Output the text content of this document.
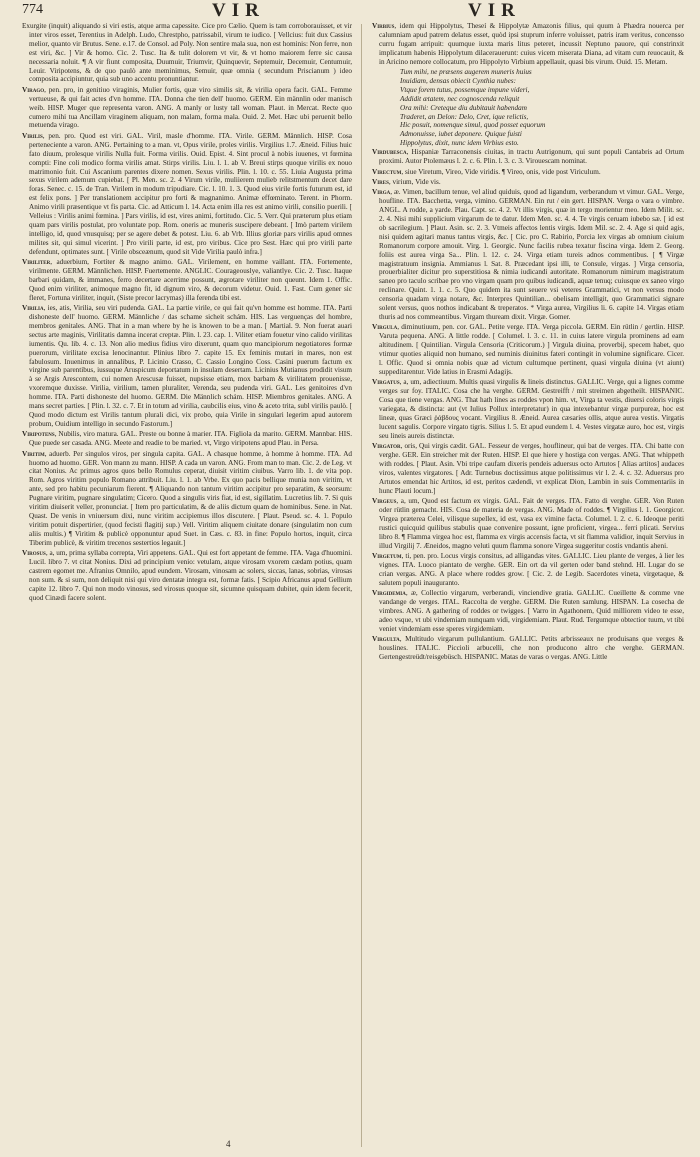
774	VIR	VIR

Exurgite (inquit) aliquando si viri estis, atque arma capessite. Cice pro Cælio. Quem is tam corroborauisset, et vir inter viros esset, Terentius in Adelph. Ludo, Chrestpho, patrissabil, virum te iudico. [ Vellcius: fuit dux Cassius melior, quanto vir Brutus. Sene. e.17. de Consol. ad Poly. Non sentire mala sua, non est hominis: Non ferre, non est viri, &c. ] Vir & homo. Cic. 2. Tusc. Ita & tulit dolorem vt vir, & vt homo maiorem ferre sic causa necessaria noluit. ¶ A vir fiunt composita, Duumuir, Triumvir, Quinquevir, Septemuir, Decemuir, Centumuir, Leuir. Viripotens, & de quo paulò ante meminimus, Semuir, quæ omnia ( secundum Priscianum ) ideo composita accipiuntur, quia sub uno accentu pronuntiantur.

Virago, pen. pro, in genitiuo viraginis, Mulier fortis, quæ viro similis sit, & virilia opera facit. GAL. Femme vertueuse, & qui fait actes d'vn homme. ITA. Donna che tien dell' huomo. GERM. Ein männlin oder manisch weib. HISP. Muger que representa varon. ANG. A manly or lusty tall woman. Plaut. in Mercat. Recte quo cumero mihi tua Ancillam viraginem aliquam, non malam, forma mala. Ouid. 2. Met. Hæc ubi peruenit bello metuenda virago.

Virilis, pen. pro. Quod est viri. GAL. Viril, masle d'homme. ITA. Virile. GERM. Männlich. HISP. Cosa perteneciente a varon. ANG. Pertaining to a man. vt, Opus virile, proles virilis. Virgilius 1.7. Æneid. Filius huic fato diuum, prolesque virilis Nulla fuit. Forma virilis. Ouid. Epist. 4. Sint procul à nobis iuuenes, vt fœmina compti: Fine coli modico forma virilis amat. Stirps virilis. Liu. l. 1. ab V. Breui stirps quoque virilis ex nouo matrimonio fuit. Cui Ascanium parentes dixere nomen. Sexus virilis. Plin. l. 10. c. 55. Liuia Augusta prima sexus virilem ademum cupiebat. [ Pl. Men. sc. 2. 4 Virum virile, muliierem mulieb relitstmentum decet dare foras. Senec. c. 15. de Tran. Virilem in modum tripudiare. Cic. l. 10. 1. 3. Quod eius virile fortis futurum est, id est felix pons. ] Per translationem accipitur pro forti & magnanimo. Animæ effœminato. Terent. in Phorm. Animo virili præsentique vt fis parta. Cic. ad Atticum l. 14. Acta enim illa res est animo virili, consilio puerili. [ Velleius : Virilis animi fœmina. ] Pars virilis, id est, vires animi, fortitudo. Cic. 5. Verr. Qui præterum plus etiam quam pars virilis postulat, pro voluntate pop. Rom. oneris ac muneris suscipere debeant. [ Imò partem virilem intelligo, id, quod vnusquisq; per se agere debet & potest. Liu. 6. ab Vrb. Illius gloriæ pars virilis apud omnes milites sit, qui simul vicerint. ] Pro virili parte, id est, pro viribus. Cice pro Sest. Hæc qui pro virili parte defendunt, optimates sunt. [ Virile obsceænum, quod sit Vide Virilia paulò infra.]

Viriliter, aduerbium, Fortiter & magno animo. GAL. Virilement, en homme vaillant. ITA. Fortemente, virilmente. GERM. Männlichen. HISP. Fuertemente. ANGLIC. Courageouslye, valiantlye. Cic. 2. Tusc. Itaque barbari quidam, & immanes, ferro decertare acerrime possunt, ægrotare viriliter non queunt. Idem 1. Offic. Quod enim viriliter, animoque magno fit, id dignum viro, & decorum videtur. Ouid. 1. Fast. Cum gener sic fleret, Fortuna viriliter, inquit, (Siste precor lacrymas) illa ferenda tibi est.

Virilia, ies, atis, Virilia, seu viri pudenda. GAL. La partie virile, ce qui fait qu'vn homme est homme. ITA. Parti dishoneste dell' huomo. GERM. Männliche / das schame sicheit schám. HIS. Las verguenças del hombre, membros genitales. ANG. That in a man where by he is knowen to be a man. [ Martial. 9. Non fuerat auari sectus arte maginis, Virilitatis damna incerat creptæ. Plin. l. 23. cap. 1. Viliter etiam fouetur vino calido virilitas iumentis. Qu. lib. 4. c. 13. Non alio medius fidius viro dixerunt, quam quo mancipiorum negotiatores formæ puerorum, virilitate excisa lenocinantur. Plinius libro 7. capite 15. Ex feminis mutari in mares, non est fabulosum. Inuenimus in annalibus, P. Licinio Crasso, C. Cassio Longino Coss. Casini puerum factum ex virgine sub parentibus, iussuque Aruspicum deportatum in insulam desertam. Licinius Mutianus prodidit visum à se Argis Arescontem, cui nomen Arescusæ fuisset, nupsisse etiam, mox barbam & virilitatem prouenisse, vxoremque duxisse. Virilia, virilium, tamen pluraliter, Verenda, seu pudenda viri. GAL. Les genitoires d'vn homme. ITA. Parti dishoneste del huomo. GERM. Die Männlich schám. HISP. Miembros genitales. ANG. A mans secret parties. [ Plin. l. 32. c. 7. Et in totum ad virilia, caubcilis eius, vino & aceto trita, subl virilis paulò. [ Quod modo dictum est Virilis tantum plurali dici, vix probo, quia Virile in singulari legerim apud autorem probum, Ouidium intelligo in secundo Fastorum.]

Viripotens, Nubilis, viro matura. GAL. Preste ou bonne à marier. ITA. Figliola da marito. GERM. Mannbar. HIS. Que puede ser casada. ANG. Meete and readie to be maried. vt, Virgo viripotens apud Plau. in Persa.

Viritim, aduerb. Per singulos viros, per singula capita. GAL. A chasque homme, à homme à homme. ITA. Ad huomo ad huomo. GER. Von mann zu mann. HISP. A cada un varon. ANG. From man to man. Cic. 2. de Leg. vt citat Nonius. Ac primus agros quos bello Romulus ceperat, diuisit viritim ciuibus. Varro lib. 1. de vita pop. Rom. Agros viritim populo Romano attribuit. Liu. l. 1. ab Vrbe. Ex quo pacis bellique munia non viritim, vt ante, sed pro habitu pecuniarum fierent. ¶ Aliquando non tantum viritim accipitur pro separatim, & seorsum: Pugnare viritim, pugnare singulatim; Cicero. Quod a singulis viris fiat, id est, sigillatim. Lucretius lib. 7. Si quis viritim diuiserit veller, pronunciat. [ Item pro particulatim, & de aliis dictum quam de hominibus. Sene. in Nat. Quast. De venis in vniuersum dixi, nunc viritim accipiemus illos discutere. [ Plaut. Pseud. sc. 4. 1. Populo viritim potuit dispertirier, (quod fecisti flagitij sup.) Vell. Viritim aliquem ciuitate donare (singulatim non cum aliis multis.) ¶ Viritim & publicè opponuntur apud Suet. in Cæs. c. 83. in fine: Populo hortos, inquit, circa Tiberim publicè, & viritim trecenos sestertios legauit.]

Virosus, a, um, prima syllaba correpta, Viri appetens. GAL. Qui est fort appetant de femme. ITA. Vaga d'huomini. Lucil. libro 7. vt citat Nonius. Dixi ad principium venio: vetulam, atque virosam vxorem cædam potius, quam castrem egomet me. Afranius Omnilo, apud eundem. Virosam, vinosam ac solers, siccas, lanas, sobrias, virosas non sum. & si sum, non deliquit nisi qui viro dentatæ integra est, formæ fatis. [ Scipio Africanus apud Gellium capite 12. libro 7. Qui non modo vinosus, sed virosus quoque sit, sicumne quisquam dubitet, quin idem fecerit, quod Cinædi facere solent.

Virbius, idem qui Hippolytus, Theseí & Hippolytæ Amazonis filius, qui quum à Phædra nouerca per calumniam apud patrem delatus esset, quòd ipsi stuprum inferre voluisset, patris iram veritus, concensso curru fugam arripuit: quumque iuxta maris litus peteret, incussit Neptuno pauore, qui constrinxit implicatum habenis Hippolytum dilacerauerunt: cuius vicem miserata Diana, ad vitam cum reuocauit, & in Aricino nemore collocatum, pro Hippolyto Virbium appellauit, quasi bis virum. Ouid. 15. Metam.

Tum mihi, ne præsens augerem muneris huius
Inuidiam, densas obiecit Cynthia nubes:
Vtque forem tutus, possemque impune videri,
Addidit ætatem, nec cognoscenda reliquit
Ora mihi: Creteque diu dubitauit habendam
Traderet, an Delon: Delo, Cret, ique relictis,
Hic posuit, nomenque simul, quod posset equorum
Admonuisse, iubet deponere. Quique fuisti
Hippolytus, dixit, nunc idem Virbius esto.

Virdubesca, Hispaniæ Tarraconensis ciuitas, in tractu Autrigonum, qui sunt populi Cantabris ad Ortum proximi. Autor Ptolemæus l. 2. c. 6. Plin. l. 3. c. 3. Virouescam nominat.

Virectum, siue Viretum, Vireo, Vide viridis. ¶ Vireo, onis, vide post Viriculum.

Vires, virium, Vide vis.

Virga, æ. Vimen, bacillum tenue, vel aliud quiduis, quod ad ligandum, verberandum vt vimur. GAL. Verge, houfline. ITA. Bacchetta, verga, vimino. GERMAN. Ein rut / ein gert. HISPAN. Verga o vara o vimbre. ANGL. A rodde, a yarde. Plau. Capt. sc. 4. 2. Vt illis virgis, quæ in tergo morientur meo. Idem Milit. sc. 2. 4. Nisi mihi supplicium virgarum de te datur. Idem Men. sc. 4. 4. Te virgis ceruam iubebo sæ. [ id est ob sacrilegium. ] Plaut. Asin. sc. 2. 3. Vtmeis affectos lentis virgis. Idem Mil. sc. 2. 4. Age si quid agis, nisi quidem agitari manus tantus virgis, &c. [ Cic. pro C. Rabirio, Porcia lex virgas ab omnium ciuium Romanorum corpore amouit. Virg. 1. Georgic. Nunc facilis rubea texatur fiscina virga. Idem 2. Georg. foliis est aurea virga Sa... Plin. l. 12. c. 24. Virga etiam tureis adnos commentibus. [ ¶ Virgæ magistratuum insignia. Ammianus l. Sat. 8. Præcedant ipsi illi, te Consule, virgas. ] Virga censoria, prouerbialiter dicitur pro superstitiosa & nimia iudicandi autoritate. Romanorum nimirum magistratum saneo pro taculo scribae pro vno virgam quam pro quibus iudicandi, aquæ tenuq; cuiusque ex saneo virgo reclinare. Quint. 1. 1. c. 5. Quo quidem ita sunt seuere vsi veteres Grammatici, vt non versus modo censoria quadam virga notare, &c. Interpres Quintilian... obelisam intelligit, quo Grammatici signare solent versus, quos nothos indicabant & treperatos. * Virga aurea, Virgilius li. 6. capite 14. Virgas etiam thuris ad nos commeantibus. Virgam thuream dixit. Virgæ. Gomer.

Virgula, diminutiuum, pen. cor. GAL. Petite verge. ITA. Verga piccola. GERM. Ein rütlin / gertlin. HISP. Varuta pequena. ANG. A little rodde. [ Columel. l. 3. c. 11. in cuius latere virgula prominens ad eam altitudinem. [ Quintilian. Virgula Censoria (Criticorum.) ] Virgula diuina, proverbij, specem habet, quo vtimur quoties aliquid non humano, sed numinis diuinitus fateri contingit in volumine significare. Cicer. l. Offic. Quod si omnia nobis quæ ad victum cultumque pertinent, quasi virgula diuina (vt aiunt) suppeditarentur. Vide latius in Erasmi Adagijs.

Virgatus, a, um, adiectiuum. Multis quasi virgulis & lineis distinctus. GALLIC. Verge, qui a lignes comme verges sur foy. ITALIC. Cosa che ha verghe. GERM. Gestreifft / mit streimen abgetheilt. HISPANIC. Cosa que tiene vergas. ANG. That hath lines as roddes vpon him. vt, Virga ta vestis, diuersi coloris virgis variegata, & distincta: aut (vt Iulius Pollux interpretatur) in qua intexebantur virgæ purpureæ, hoc est lineæ, quas Græci ῥάβδους vocant. Virgilius 8. Æneid. Aurea cæsaries ollis, atque aurea vestis. Virgatis lucent sagulis. Corpore virgato tigris. Silius l. 5. Et apud eundem l. 4. Vestes virgatæ auro, hoc est, virgis seu lineis aureis distinctæ.

Virgator, oris, Qui virgis cædit. GAL. Fesseur de verges, houflineur, qui bat de verges. ITA. Chi batte con verghe. GER. Ein streicher mit der Ruten. HISP. El que hiere y hostiga con vergas. ANG. That whippeth with roddes. [ Plaut. Asin. Vbi tripe caufam dixeris pendeis aduersus octo Artutos [ Alias artitos] audaces viros, valentes virgatores. [ Adr. Turnebus doctissimus atque politissimus vir l. 2. 4. c. 32. Aduersus pro Artutos emendat hic Artitos, id est, peritos cædendi, vt explicat Dion, Lambin in suis Commentariis in hunc Plauti locum.]

Virgeus, a, um, Quod est factum ex virgis. GAL. Fait de verges. ITA. Fatto di verghe. GER. Von Ruten oder rütlin gemacht. HIS. Cosa de materia de vergas. ANG. Made of roddes. ¶ Virgilius l. 1. Georgicor. Virgea præterea Celei, vilisque supellex, id est, vasa ex vimine facta. Columel. l. 2. c. 6. Ideoque periti rustici quicquid quilibus stabulis quae convenire possunt, igne proficient, virgea... ferri plicati. Servius libro 8. ¶ Flamma virgea hoc est, flamma ex virgis accensis facta, vt sit flamma validior, inquit Servius in illud Virgilij 7. Æneidos, magno veluti quum flamma sonore Virgea suggeritur costis vndantis aheni.

Virgetum, ti, pen. pro. Locus virgis consitus, ad alligandas vites. GALLIC. Lieu plante de verges, à lier les vignes. ITA. Luoco piantato de verghe. GER. Ein ort da vil gerten oder band stehnd. HI. Lugar do se crian vergas. ANG. A place where roddes grow. [ Cic. 2. de Legib. Sacerdotes vineta, virgetaque, & salutem populi inauguranto.

Virgidemia, æ, Collectio virgarum, verberandi, vinciendive gratia. GALLIC. Cueillette & comme vne vandange de verges. ITAL. Raccolta de verghe. GERM. Die Ruten samlung. HISPAN. La cosecha de vimbres. ANG. A gathering of roddes or twigges. [ Varro in Agathonem, Quid milliorem video te esse, adeo vsque, vt ubi vindemiam nunquam vidi, virgidemiam. Plaut. Rud. Tergumque obtectior tuum, vt tibi veniet vindemiam esse speres virgidemiam.

Virgulta, Multitudo virgarum pullulantium. GALLIC. Petits arbrisseaux ne produisans que verges & houslines. ITALIC. Piccioli arbucelli, che non producono altro che verghe. GERMAN. Gertengestreüdt/reisgebüsch. HISPANIC. Matas de varas o vergas. ANG. Little

4
